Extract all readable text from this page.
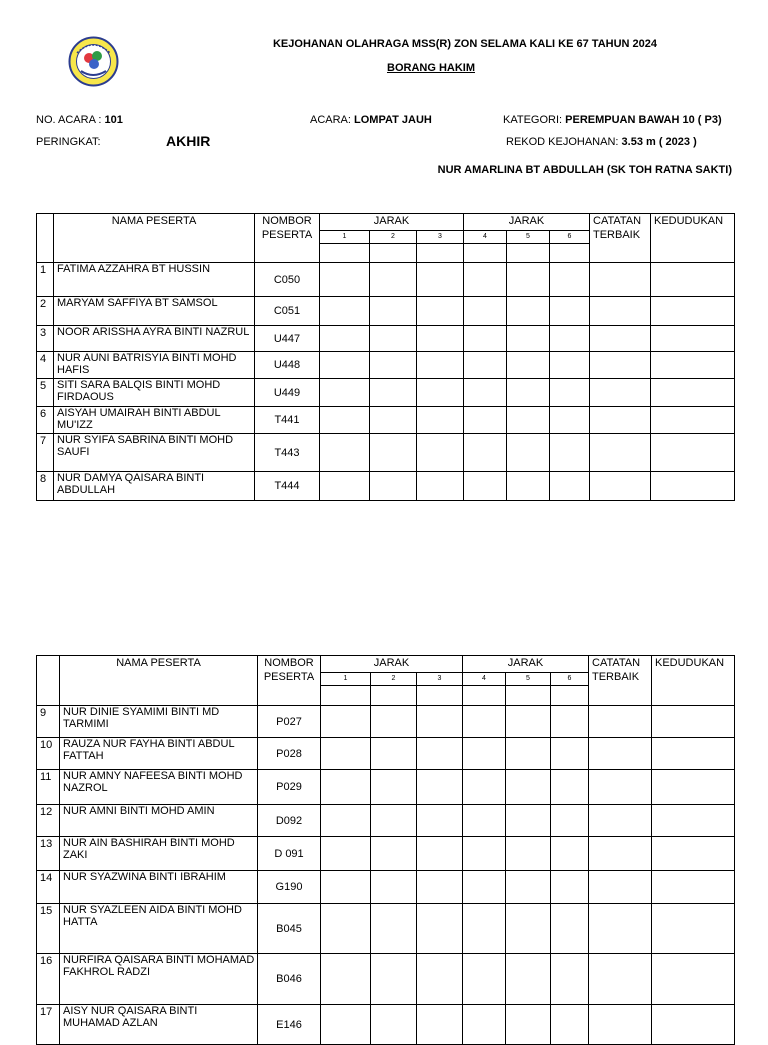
KEJOHANAN OLAHRAGA MSS(R) ZON SELAMA KALI KE 67 TAHUN 2024
BORANG HAKIM
NO. ACARA : 101	ACARA: LOMPAT JAUH	KATEGORI: PEREMPUAN BAWAH 10 ( P3)
PERINGKAT:	AKHIR	REKOD KEJOHANAN: 3.53 m ( 2023 )
NUR AMARLINA BT ABDULLAH (SK TOH RATNA SAKTI)
	NAMA PESERTA	NOMBOR
PESERTA	JARAK			JARAK			CATATAN
TERBAIK	KEDUDUKAN
			1	2	3	4	5	6		

1	FATIMA AZZAHRA BT HUSSIN	C050								
2	MARYAM SAFFIYA BT SAMSOL	C051								
3	NOOR ARISSHA AYRA BINTI NAZRUL	U447								
4	NUR AUNI BATRISYIA BINTI MOHD HAFIS	U448								
5	SITI SARA BALQIS BINTI MOHD FIRDAOUS	U449								
6	AISYAH UMAIRAH BINTI ABDUL MU'IZZ	T441								
7	NUR SYIFA SABRINA BINTI MOHD SAUFI	T443								
8	NUR DAMYA QAISARA BINTI ABDULLAH	T444								
	NAMA PESERTA	NOMBOR
PESERTA	JARAK			JARAK			CATATAN
TERBAIK	KEDUDUKAN
			1	2	3	4	5	6		

9	NUR DINIE SYAMIMI BINTI MD TARMIMI	P027								
10	RAUZA NUR FAYHA BINTI ABDUL FATTAH	P028								
11	NUR AMNY NAFEESA BINTI MOHD NAZROL	P029								
12	NUR AMNI BINTI MOHD AMIN	D092								
13	NUR AIN BASHIRAH BINTI MOHD ZAKI	D 091								
14	NUR SYAZWINA BINTI IBRAHIM	G190								
15	NUR SYAZLEEN AIDA BINTI MOHD HATTA	B045								
16	NURFIRA QAISARA BINTI MOHAMAD FAKHROL RADZI	B046								
17	AISY NUR QAISARA BINTI MUHAMAD AZLAN	E146								
